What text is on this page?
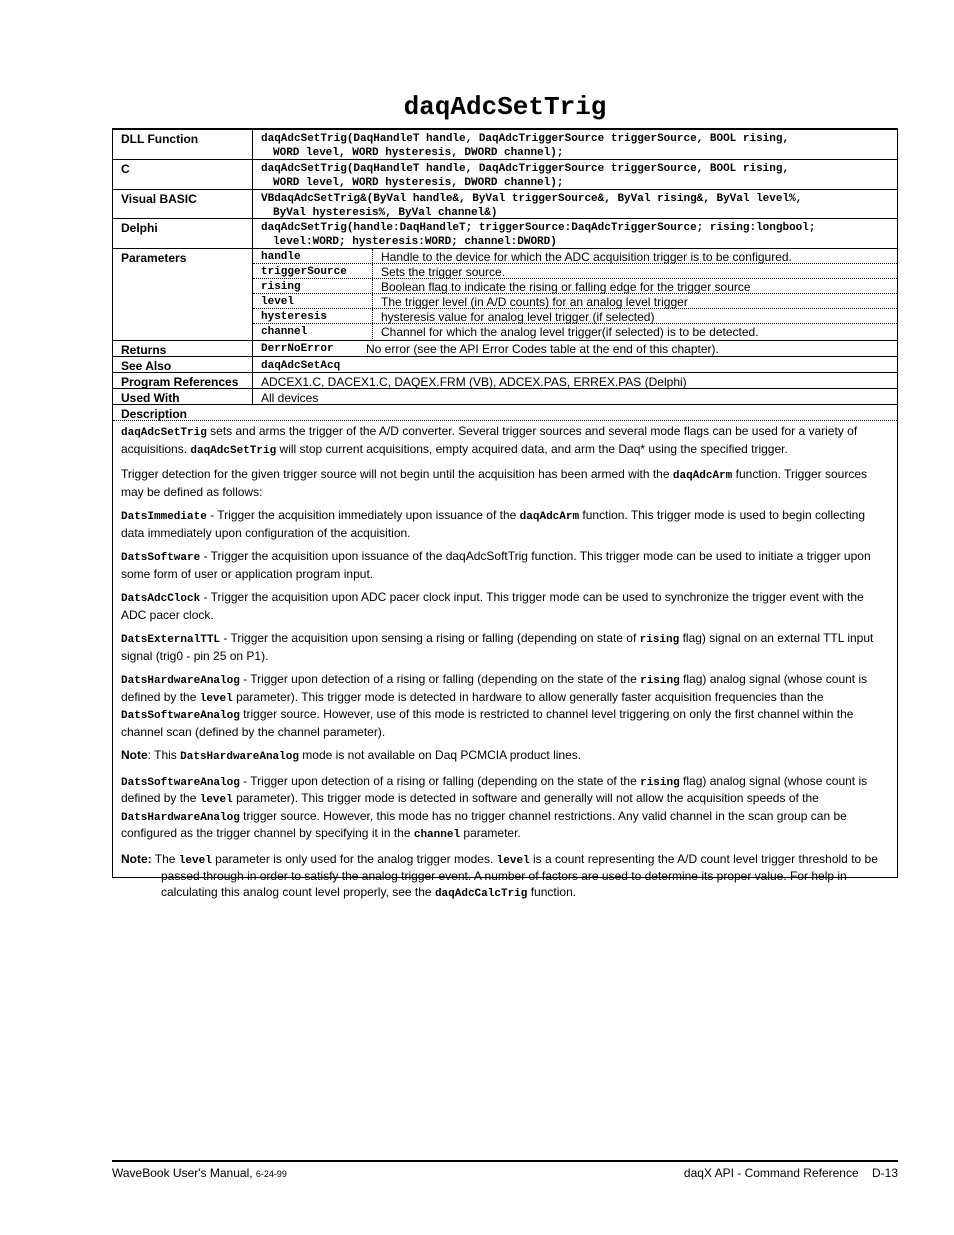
daqAdcSetTrig
DLL Function	daqAdcSetTrig(DaqHandleT handle, DaqAdcTriggerSource triggerSource, BOOL rising,
WORD level, WORD hysteresis, DWORD channel);
C	daqAdcSetTrig(DaqHandleT handle, DaqAdcTriggerSource triggerSource, BOOL rising,
WORD level, WORD hysteresis, DWORD channel);
Visual BASIC	VBdaqAdcSetTrig&(ByVal handle&, ByVal triggerSource&, ByVal rising&, ByVal level%,
ByVal hysteresis%, ByVal channel&)
Delphi	daqAdcSetTrig(handle:DaqHandleT; triggerSource:DaqAdcTriggerSource; rising:longbool;
level:WORD; hysteresis:WORD; channel:DWORD)
Parameters	handle	Handle to the device for which the ADC acquisition trigger is to be configured.
triggerSource	Sets the trigger source.
rising	Boolean flag to indicate the rising or falling edge for the trigger source
level	The trigger level (in A/D counts) for an analog level trigger
hysteresis	hysteresis value for analog level trigger (if selected)
channel	Channel for which the analog level trigger(if selected) is to be detected.
Returns	DerrNoError	No error (see the API Error Codes table at the end of this chapter).
See Also	daqAdcSetAcq
Program References	ADCEX1.C, DACEX1.C, DAQEX.FRM (VB), ADCEX.PAS, ERREX.PAS (Delphi)
Used With	All devices
Description

daqAdcSetTrig sets and arms the trigger of the A/D converter. Several trigger sources and several mode flags can be used for a variety of acquisitions. daqAdcSetTrig will stop current acquisitions, empty acquired data, and arm the Daq* using the specified trigger.

Trigger detection for the given trigger source will not begin until the acquisition has been armed with the daqAdcArm function. Trigger sources may be defined as follows:

DatsImmediate - Trigger the acquisition immediately upon issuance of the daqAdcArm function. This trigger mode is used to begin collecting data immediately upon configuration of the acquisition.

DatsSoftware - Trigger the acquisition upon issuance of the daqAdcSoftTrig function. This trigger mode can be used to initiate a trigger upon some form of user or application program input.

DatsAdcClock - Trigger the acquisition upon ADC pacer clock input. This trigger mode can be used to synchronize the trigger event with the ADC pacer clock.

DatsExternalTTL - Trigger the acquisition upon sensing a rising or falling (depending on state of rising flag) signal on an external TTL input signal (trig0 - pin 25 on P1).

DatsHardwareAnalog - Trigger upon detection of a rising or falling (depending on the state of the rising flag) analog signal (whose count is defined by the level parameter). This trigger mode is detected in hardware to allow generally faster acquisition frequencies than the DatsSoftwareAnalog trigger source. However, use of this mode is restricted to channel level triggering on only the first channel within the channel scan (defined by the channel parameter).

Note: This DatsHardwareAnalog mode is not available on Daq PCMCIA product lines.

DatsSoftwareAnalog - Trigger upon detection of a rising or falling (depending on the state of the rising flag) analog signal (whose count is defined by the level parameter). This trigger mode is detected in software and generally will not allow the acquisition speeds of the DatsHardwareAnalog trigger source. However, this mode has no trigger channel restrictions. Any valid channel in the scan group can be configured as the trigger channel by specifying it in the channel parameter.

Note: The level parameter is only used for the analog trigger modes. level is a count representing the A/D count level trigger threshold to be passed through in order to satisfy the analog trigger event. A number of factors are used to determine its proper value. For help in calculating this analog count level properly, see the daqAdcCalcTrig function.

WaveBook User's Manual, 6-24-99	daqX API - Command Reference    D-13
